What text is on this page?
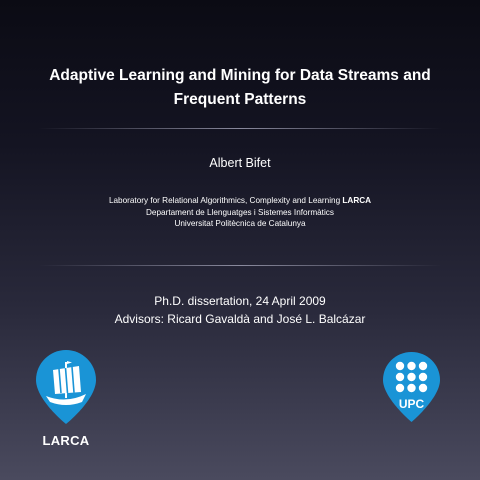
Adaptive Learning and Mining for Data Streams and
Frequent Patterns
Albert Bifet
Laboratory for Relational Algorithmics, Complexity and Learning LARCA
Departament de Llenguatges i Sistemes Informàtics
Universitat Politècnica de Catalunya
Ph.D. dissertation, 24 April 2009
Advisors: Ricard Gavaldà and José L. Balcázar
LARCA
UPC
